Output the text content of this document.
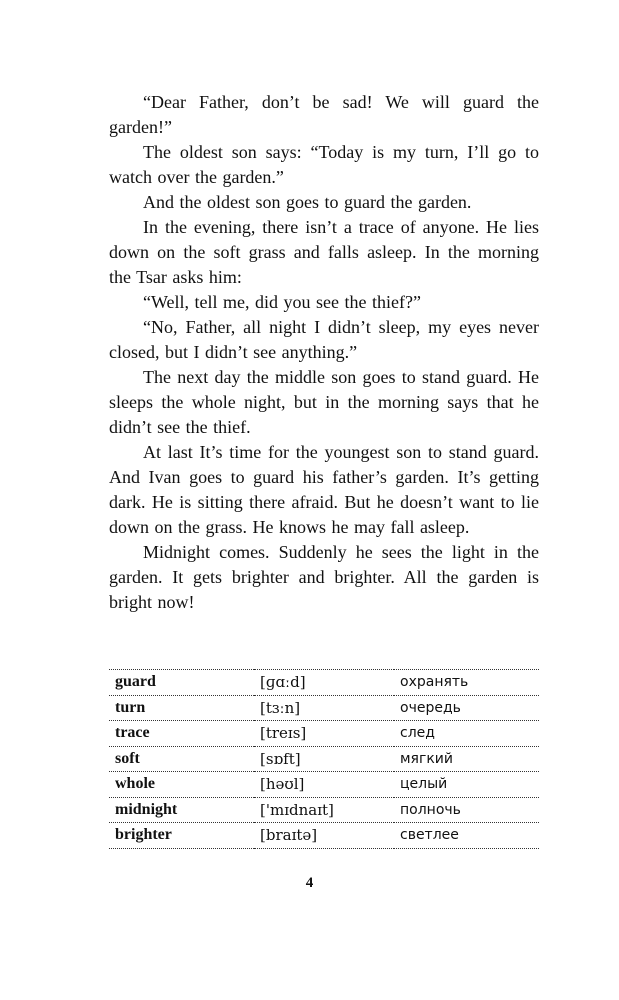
“Dear Father, don’t be sad! We will guard the garden!”

The oldest son says: “Today is my turn, I’ll go to watch over the garden.”

And the oldest son goes to guard the garden.

In the evening, there isn’t a trace of anyone. He lies down on the soft grass and falls asleep. In the morning the Tsar asks him:

“Well, tell me, did you see the thief?”

“No, Father, all night I didn’t sleep, my eyes never closed, but I didn’t see anything.”

The next day the middle son goes to stand guard. He sleeps the whole night, but in the morning says that he didn’t see the thief.

At last It’s time for the youngest son to stand guard. And Ivan goes to guard his father’s garden. It’s getting dark. He is sitting there afraid. But he doesn’t want to lie down on the grass. He knows he may fall asleep.

Midnight comes. Suddenly he sees the light in the garden. It gets brighter and brighter. All the garden is bright now!

guard	[ɡɑːd]	охранять
turn	[tɜːn]	очередь
trace	[treɪs]	след
soft	[sɒft]	мягкий
whole	[həʊl]	целый
midnight	['mɪdnaɪt]	полночь
brighter	[braɪtə]	светлее
4
